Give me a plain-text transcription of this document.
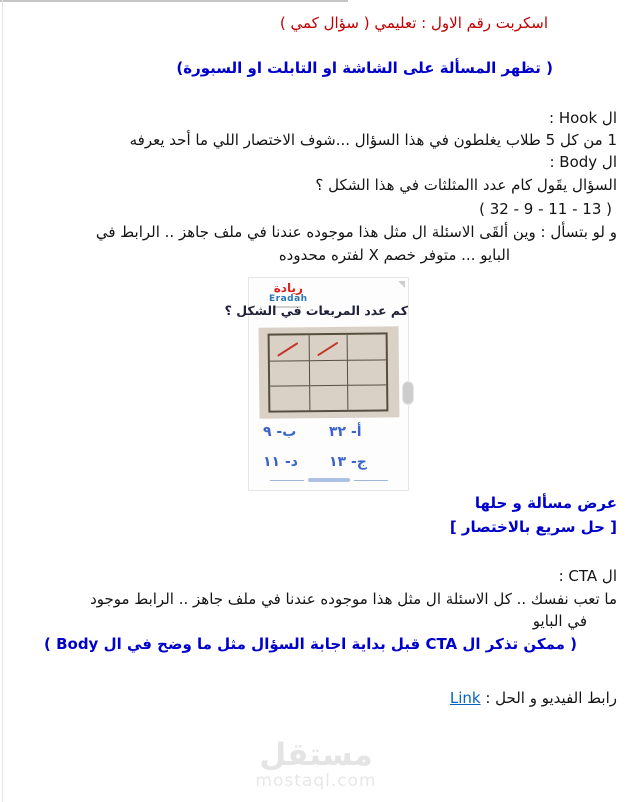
اسكربت رقم الاول : تعليمي ( سؤال كمي )
( تظهر المسألة على الشاشة او التابلت او السبورة)
ال Hook :
1 من كل 5 طلاب يغلطون في هذا السؤال ...شوف الاختصار اللي ما أحد يعرفه
ال Body :
السؤال يقَول كام عدد االمثلثات في هذا الشكل ؟
( 32 - 9 - 11 - 13 )
و لو بتسأل : وين ألقَى الاسئلة ال مثل هذا موجوده عندنا في ملف جاهز .. الرابط في
البايو ... متوفر خصم X لفتره محدوده
ريادة
Eradah
كم عدد المربعات في الشكل ؟
أ- ٣٢
ب- ٩
ج- ١٣
د- ١١
عرض مسألة و حلها
[ حل سريع بالاختصار ]
ال CTA :
ما تعب نفسك .. كل الاسئلة ال مثل هذا موجوده عندنا في ملف جاهز .. الرابط موجود
في البايو
( ممكن تذكر ال CTA قبل بداية اجابة السؤال مثل ما وضح في ال Body )
رابط الفيديو و الحل : Link
مستقل
mostaql.com
